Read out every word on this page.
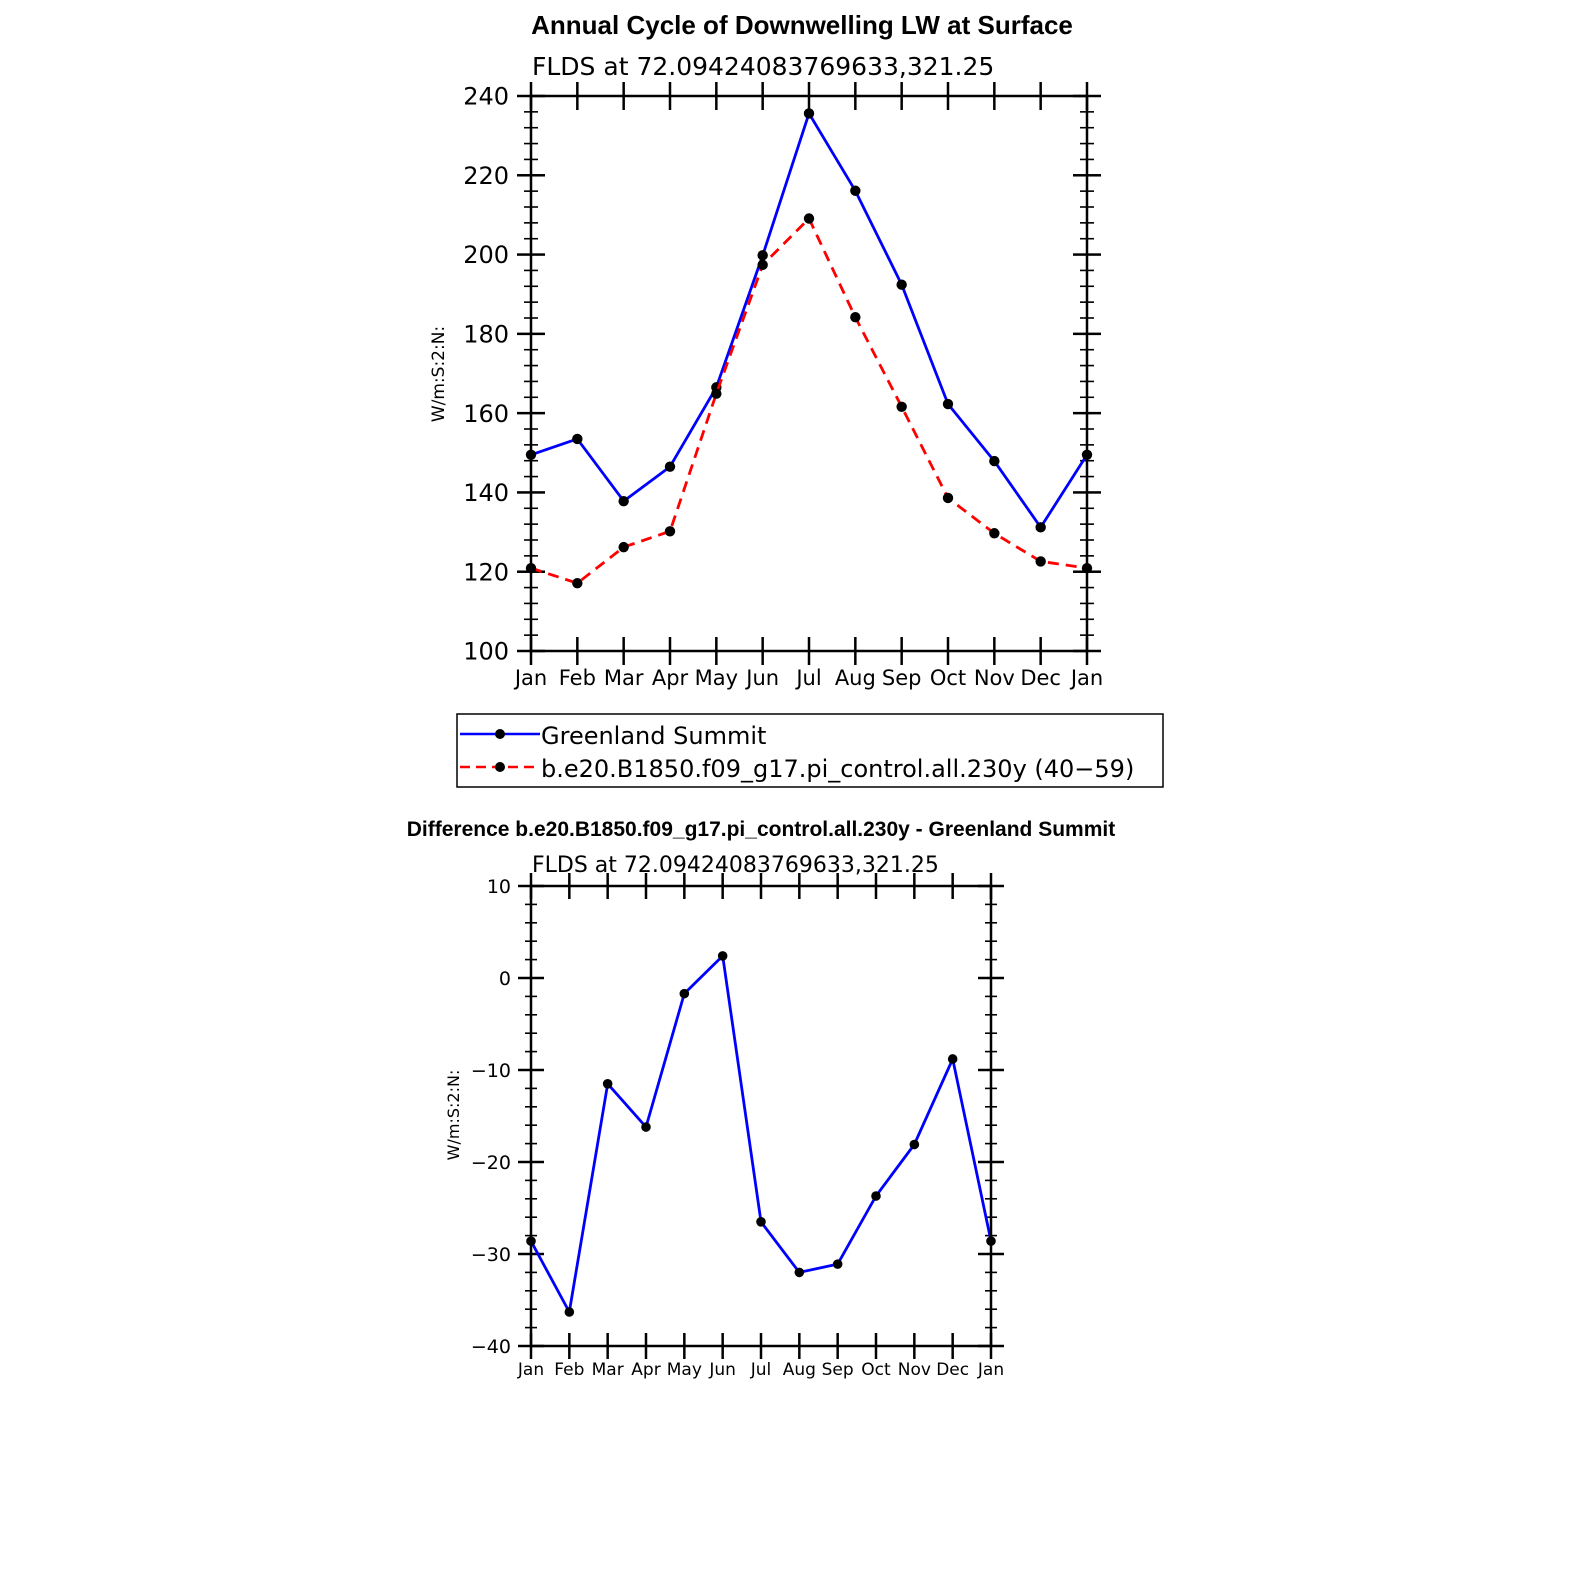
Annual Cycle of Downwelling LW at Surface
FLDS at 72.09424083769633,321.25
W/m:S:2:N:
Jan Feb Mar Apr May Jun Jul Aug Sep Oct Nov Dec Jan
100
120
140
160
180
200
220
240
Greenland Summit
b.e20.B1850.f09_g17.pi_control.all.230y (40−59)
Difference b.e20.B1850.f09_g17.pi_control.all.230y - Greenland Summit
FLDS at 72.09424083769633,321.25
W/m:S:2:N:
Jan Feb Mar Apr May Jun Jul Aug Sep Oct Nov Dec Jan
−40
−30
−20
−10
0
10
